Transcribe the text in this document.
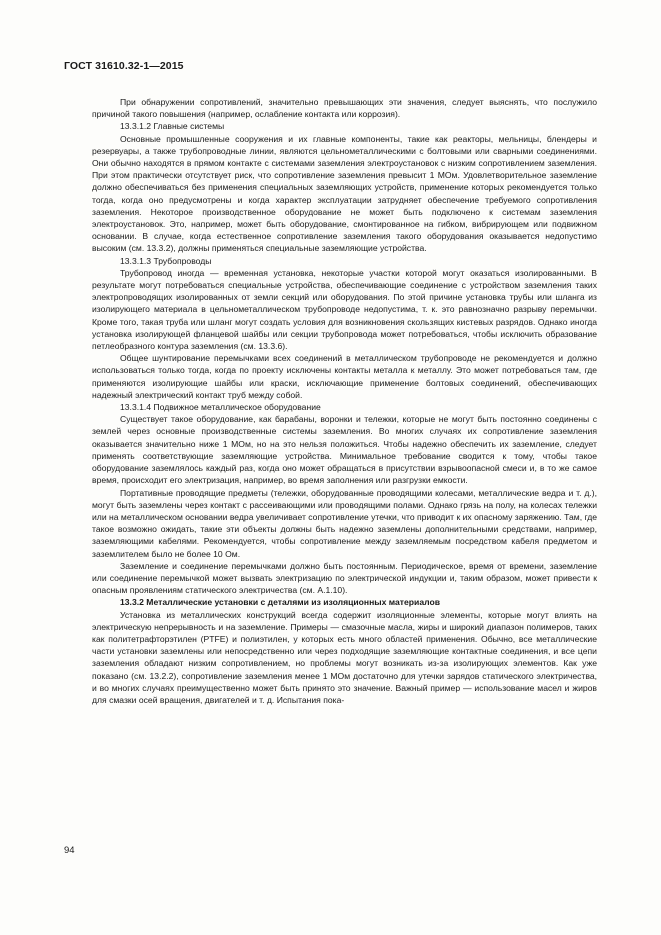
ГОСТ 31610.32-1—2015

При обнаружении сопротивлений, значительно превышающих эти значения, следует выяснять, что послужило причиной такого повышения (например, ослабление контакта или коррозия).

13.3.1.2 Главные системы

Основные промышленные сооружения и их главные компоненты, такие как реакторы, мельницы, блендеры и резервуары, а также трубопроводные линии, являются цельнометаллическими с болтовыми или сварными соединениями. Они обычно находятся в прямом контакте с системами заземления электроустановок с низким сопротивлением заземления. При этом практически отсутствует риск, что сопротивление заземления превысит 1 МОм. Удовлетворительное заземление должно обеспечиваться без применения специальных заземляющих устройств, применение которых рекомендуется только тогда, когда оно предусмотрены и когда характер эксплуатации затрудняет обеспечение требуемого сопротивления заземления. Некоторое производственное оборудование не может быть подключено к системам заземления электроустановок. Это, например, может быть оборудование, смонтированное на гибком, вибрирующем или подвижном основании. В случае, когда естественное сопротивление заземления такого оборудования оказывается недопустимо высоким (см. 13.3.2), должны применяться специальные заземляющие устройства.

13.3.1.3 Трубопроводы

Трубопровод иногда — временная установка, некоторые участки которой могут оказаться изолированными. В результате могут потребоваться специальные устройства, обеспечивающие соединение с устройством заземления таких электропроводящих изолированных от земли секций или оборудования. По этой причине установка трубы или шланга из изолирующего материала в цельнометаллическом трубопроводе недопустима, т. к. это равнозначно разрыву перемычки. Кроме того, такая труба или шланг могут создать условия для возникновения скользящих кистевых разрядов. Однако иногда установка изолирующей фланцевой шайбы или секции трубопровода может потребоваться, чтобы исключить образование петлеобразного контура заземления (см. 13.3.6).

Общее шунтирование перемычками всех соединений в металлическом трубопроводе не рекомендуется и должно использоваться только тогда, когда по проекту исключены контакты металла к металлу. Это может потребоваться там, где применяются изолирующие шайбы или краски, исключающие применение болтовых соединений, обеспечивающих надежный электрический контакт труб между собой.

13.3.1.4 Подвижное металлическое оборудование

Существует такое оборудование, как барабаны, воронки и тележки, которые не могут быть постоянно соединены с землей через основные производственные системы заземления. Во многих случаях их сопротивление заземления оказывается значительно ниже 1 МОм, но на это нельзя положиться. Чтобы надежно обеспечить их заземление, следует применять соответствующие заземляющие устройства. Минимальное требование сводится к тому, чтобы такое оборудование заземлялось каждый раз, когда оно может обращаться в присутствии взрывоопасной смеси и, в то же самое время, происходит его электризация, например, во время заполнения или разгрузки емкости.

Портативные проводящие предметы (тележки, оборудованные проводящими колесами, металлические ведра и т. д.), могут быть заземлены через контакт с рассеивающими или проводящими полами. Однако грязь на полу, на колесах тележки или на металлическом основании ведра увеличивает сопротивление утечки, что приводит к их опасному заряжению. Там, где такое возможно ожидать, такие эти объекты должны быть надежно заземлены дополнительными средствами, например, заземляющими кабелями. Рекомендуется, чтобы сопротивление между заземляемым посредством кабеля предметом и заземлителем было не более 10 Ом.

Заземление и соединение перемычками должно быть постоянным. Периодическое, время от времени, заземление или соединение перемычкой может вызвать электризацию по электрической индукции и, таким образом, может привести к опасным проявлениям статического электричества (см. А.1.10).

13.3.2 Металлические установки с деталями из изоляционных материалов

Установка из металлических конструкций всегда содержит изоляционные элементы, которые могут влиять на электрическую непрерывность и на заземление. Примеры — смазочные масла, жиры и широкий диапазон полимеров, таких как политетрафторэтилен (PTFE) и полиэтилен, у которых есть много областей применения. Обычно, все металлические части установки заземлены или непосредственно или через подходящие заземляющие контактные соединения, и все цепи заземления обладают низким сопротивлением, но проблемы могут возникать из-за изолирующих элементов. Как уже показано (см. 13.2.2), сопротивление заземления менее 1 МОм достаточно для утечки зарядов статического электричества, и во многих случаях преимущественно может быть принято это значение. Важный пример — использование масел и жиров для смазки осей вращения, двигателей и т. д. Испытания пока-

94
